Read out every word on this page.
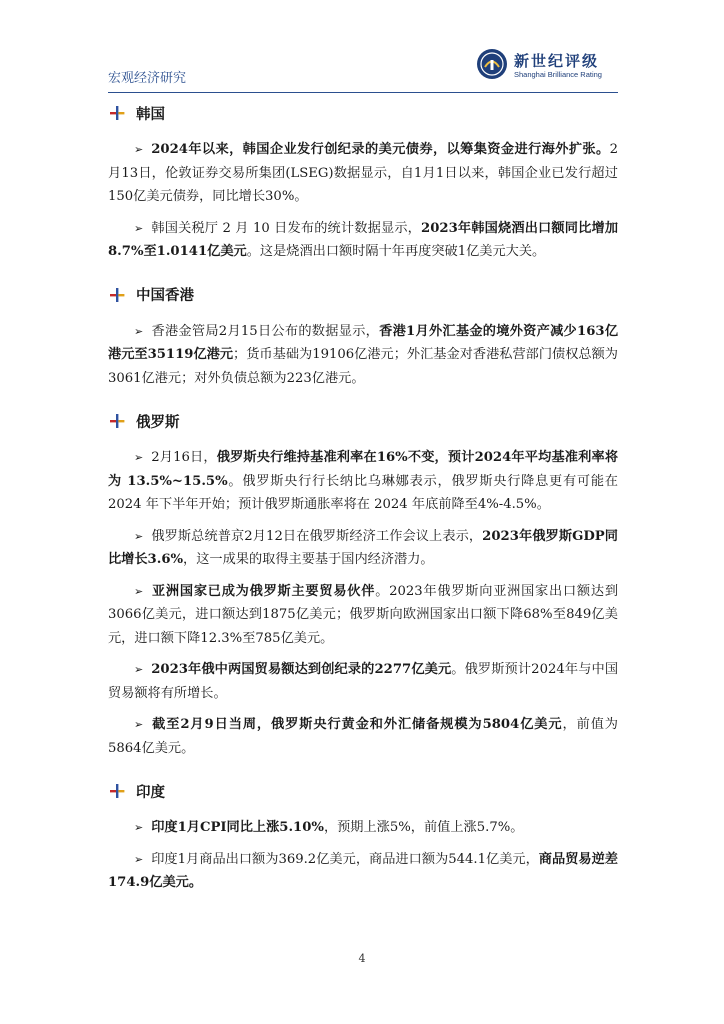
宏观经济研究
新世纪评级
Shanghai Brilliance Rating
韩国

➢ 2024年以来，韩国企业发行创纪录的美元债券，以筹集资金进行海外扩张。2月13日，伦敦证券交易所集团(LSEG)数据显示，自1月1日以来，韩国企业已发行超过150亿美元债券，同比增长30%。

➢ 韩国关税厅 2 月 10 日发布的统计数据显示，2023年韩国烧酒出口额同比增加8.7%至1.0141亿美元。这是烧酒出口额时隔十年再度突破1亿美元大关。

中国香港

➢ 香港金管局2月15日公布的数据显示，香港1月外汇基金的境外资产减少163亿港元至35119亿港元；货币基础为19106亿港元；外汇基金对香港私营部门债权总额为3061亿港元；对外负债总额为223亿港元。

俄罗斯

➢ 2月16日，俄罗斯央行维持基准利率在16%不变，预计2024年平均基准利率将为 13.5%~15.5%。俄罗斯央行行长纳比乌琳娜表示，俄罗斯央行降息更有可能在 2024 年下半年开始；预计俄罗斯通胀率将在 2024 年底前降至4%-4.5%。

➢ 俄罗斯总统普京2月12日在俄罗斯经济工作会议上表示，2023年俄罗斯GDP同比增长3.6%，这一成果的取得主要基于国内经济潜力。

➢ 亚洲国家已成为俄罗斯主要贸易伙伴。2023年俄罗斯向亚洲国家出口额达到3066亿美元，进口额达到1875亿美元；俄罗斯向欧洲国家出口额下降68%至849亿美元，进口额下降12.3%至785亿美元。

➢ 2023年俄中两国贸易额达到创纪录的2277亿美元。俄罗斯预计2024年与中国贸易额将有所增长。

➢ 截至2月9日当周，俄罗斯央行黄金和外汇储备规模为5804亿美元，前值为5864亿美元。

印度

➢ 印度1月CPI同比上涨5.10%，预期上涨5%，前值上涨5.7%。

➢ 印度1月商品出口额为369.2亿美元，商品进口额为544.1亿美元，商品贸易逆差174.9亿美元。

4
